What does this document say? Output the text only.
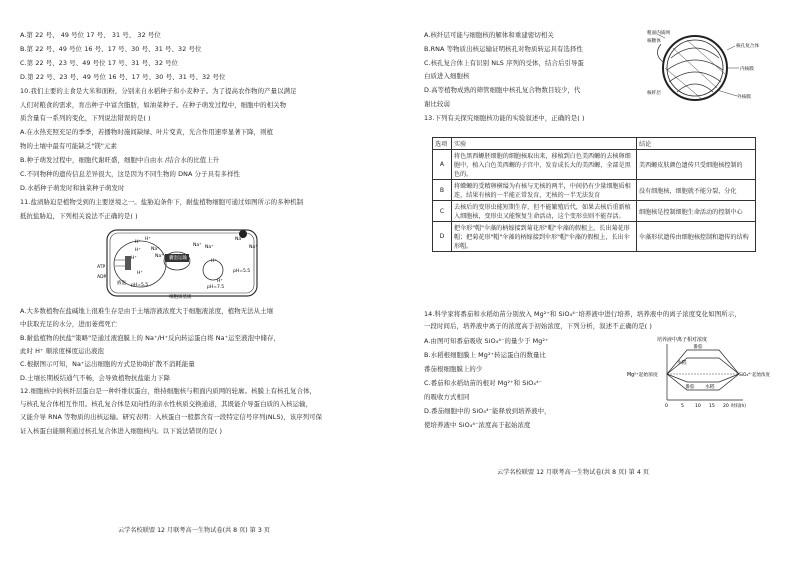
A.第 22 号、 49 号位 17 号、 31 号、 32 号位
B.第 22 号、49 号位 16 号、17 号、30 号、31 号、32 号位
C.第 22 号、23 号、49 号位 17 号、31 号、32 号位
D.第 22 号、23 号、49 号位 16 号、17 号、30 号、31 号、32 号位
10.我们主要的主食是大米和面粉，分别来自水稻种子和小麦种子。为了提高农作物的产量以满足
人们对粮食的需求，育出种子中富含脂肪，如油菜种子。在种子萌发过程中，细胞中的相关物
质含量有一系列的变化，下列说法错误的是( )
A.在水热充照充足的季季，若播物时施间缺绿、叶片变黄，光合作用速率显著下降，则植
物的土壤中最有可能缺乏"镁"元素
B.种子萌发过程中，细胞代谢旺盛，细胞中自由水 /结合水的比值上升
C.不同物种的遗传信息差异很大，这是因为不同生物的 DNA 分子具有多样性
D.水稻种子萌发时和油菜种子萌发时
11.盐渍胁迫是植物受到的主要逆境之一。盐胁迫条件下，耐盐植物细胞可通过如图所示的多种机制
抵抗盐胁迫，下列相关说法不正确的是( )
H⁺
H⁺
Na⁺
Na⁺
H⁺
H⁺
H⁺
Na⁺ Na⁺
ATP
ADP
液泡 pH=5.5
囊泡运输
pH=7.5
pH=5.5
细胞质基质
Na⁺
Na⁺
H⁺
H⁺
A.大多数植物在盐碱地上很难生存是由于土壤溶液浓度大于细胞液浓度，植物无法从土壤
中获取充足的水分，进而萎蔫死亡
B.耐盐植物的抗盐"策略"是通过液泡膜上的 Na⁺/H⁺反向转运蛋白将 Na⁺运至液泡中储存，
此时 H⁺ 顺浓度梯度运出液泡
C.根据图示可知，Na⁺运出细胞的方式是协助扩散不消耗能量
D.土壤长期板结通气不畅，会导致植物抗盐能力下降
12.细胞核中的核纤层蛋白是一种纤维状蛋白，维持细胞核与粗面内质网的轮廓。核膜上有核孔复合体，
与核孔复合体相互作用。核孔复合体是双向性的亲水性核质交换通道，其既能介导蛋白质的入核运输，
又能介导 RNA 等物质的出核运输。研究表明：入核蛋白一般都含有一段特定信号序列(NLS)，该序列可保
证入核蛋白能顺利通过核孔复合体进入细胞核内。以下说法错误的是( )
云学名校联盟 12 月联考高一生物试卷(共 8 页) 第 3 页
A.核纤层可能与细胞核的解体和重建密切相关
B.RNA 等物质出核运输证明核孔对物质转运具有选择性
C.核孔复合体上有识别 NLS 序列的受体，结合后引导蛋
白质进入细胞核
D.高等植物成熟的筛管细胞中核孔复合物数目较少，代
谢比较弱
13.下列有关探究细胞核功能的实验叙述中，正确的是( )
粗面内质网
核糖体
核孔复合体
内核膜
核纤层
外核膜
选项	实验	结论
A	将色黑西螈胚细胞的细胞核取出来，移植到白色美西螈的去核卵细胞中，植入白色美西螈的子宫中，发育成长大的美西螈，全部是黑色的。	美西螈皮肤颜色遗传只受细胞核控制的
B	将蝾螈的受精卵横缢为有核与无核的两半，中间仍有少量细胞质相连，结果有核的一半能正常发育，无核的一半无法发育	没有细胞核，细胞就不能分裂、分化
C	去核后的变形虫能短期生存，但不能繁殖后代，如果去核后重新植入细胞核，变形虫又能恢复生命活动，这个变形虫则不能存活。	细胞核是控制细胞生命活动的控制中心
D	把伞形"帽"伞藻的柄嫁接到菊花形"帽"伞藻的假根上，长出菊花形帽；把菊花形"帽"伞藻的柄嫁接到伞形"帽"伞藻的假根上，长出伞形帽。	伞藻形状遗传由细胞核控制和遗传的结构
14.科学家将番茄和水稻幼苗分别放入 Mg²⁺和 SiO₄⁴⁻培养液中进行培养，培养液中的离子浓度变化如图所示，
一段时间后，培养液中离子的浓度高于初始浓度，下列分析，叙述不正确的是( )
A.由图可知番茄吸收 SiO₄⁴⁻的量少于 Mg²⁺
B.水稻根细胞膜上 Mg²⁺转运蛋白的数量比
番茄根细胞膜上的少
C.番茄和水稻幼苗的根对 Mg²⁺和 SiO₄⁴⁻
的吸收方式相同
D.番茄细胞中的 SiO₄⁴⁻能释放到培养液中，
使培养液中 SiO₄⁴⁻浓度高于起始浓度
培养液中离子相对浓度
番茄
水稻
Mg²⁺起始浓度	SiO₄⁴⁻起始浓度
番茄 水稻
0	5 10 15 20 时间(h)
云学名校联盟 12 月联考高一生物试卷(共 8 页) 第 4 页
